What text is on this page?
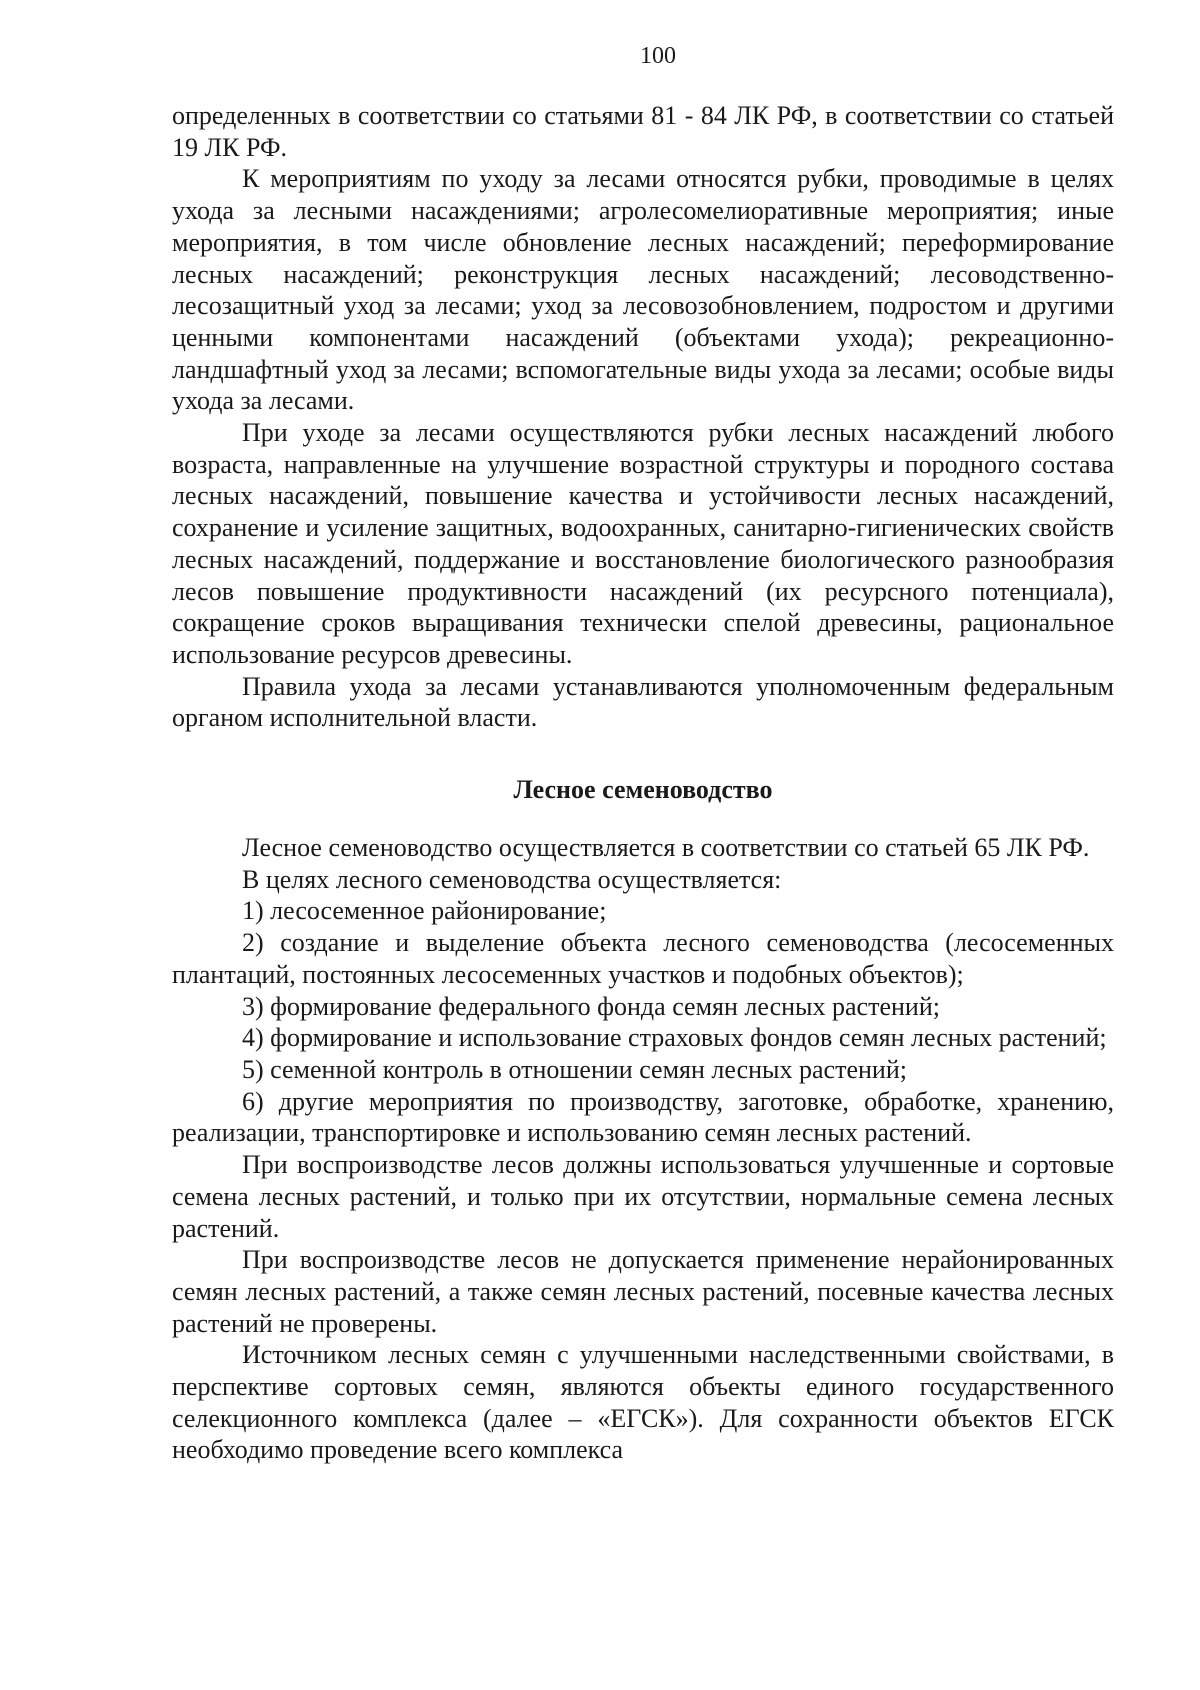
100

определенных в соответствии со статьями 81 - 84 ЛК РФ, в соответствии со статьей 19 ЛК РФ.

К мероприятиям по уходу за лесами относятся рубки, проводимые в целях ухода за лесными насаждениями; агролесомелиоративные мероприятия; иные мероприятия, в том числе обновление лесных насаждений; переформирование лесных насаждений; реконструкция лесных насаждений; лесоводственно-лесозащитный уход за лесами; уход за лесовозобновлением, подростом и другими ценными компонентами насаждений (объектами ухода); рекреационно-ландшафтный уход за лесами; вспомогательные виды ухода за лесами; особые виды ухода за лесами.

При уходе за лесами осуществляются рубки лесных насаждений любого возраста, направленные на улучшение возрастной структуры и породного состава лесных насаждений, повышение качества и устойчивости лесных насаждений, сохранение и усиление защитных, водоохранных, санитарно-гигиенических свойств лесных насаждений, поддержание и восстановление биологического разнообразия лесов повышение продуктивности насаждений (их ресурсного потенциала), сокращение сроков выращивания технически спелой древесины, рациональное использование ресурсов древесины.

Правила ухода за лесами устанавливаются уполномоченным федеральным органом исполнительной власти.

Лесное семеноводство

Лесное семеноводство осуществляется в соответствии со статьей 65 ЛК РФ.

В целях лесного семеноводства осуществляется:

1) лесосеменное районирование;

2) создание и выделение объекта лесного семеноводства (лесосеменных плантаций, постоянных лесосеменных участков и подобных объектов);

3) формирование федерального фонда семян лесных растений;

4) формирование и использование страховых фондов семян лесных растений;

5) семенной контроль в отношении семян лесных растений;

6) другие мероприятия по производству, заготовке, обработке, хранению, реализации, транспортировке и использованию семян лесных растений.

При воспроизводстве лесов должны использоваться улучшенные и сортовые семена лесных растений, и только при их отсутствии, нормальные семена лесных растений.

При воспроизводстве лесов не допускается применение нерайонированных семян лесных растений, а также семян лесных растений, посевные качества лесных растений не проверены.

Источником лесных семян с улучшенными наследственными свойствами, в перспективе сортовых семян, являются объекты единого государственного селекционного комплекса (далее – «ЕГСК»). Для сохранности объектов ЕГСК необходимо проведение всего комплекса
